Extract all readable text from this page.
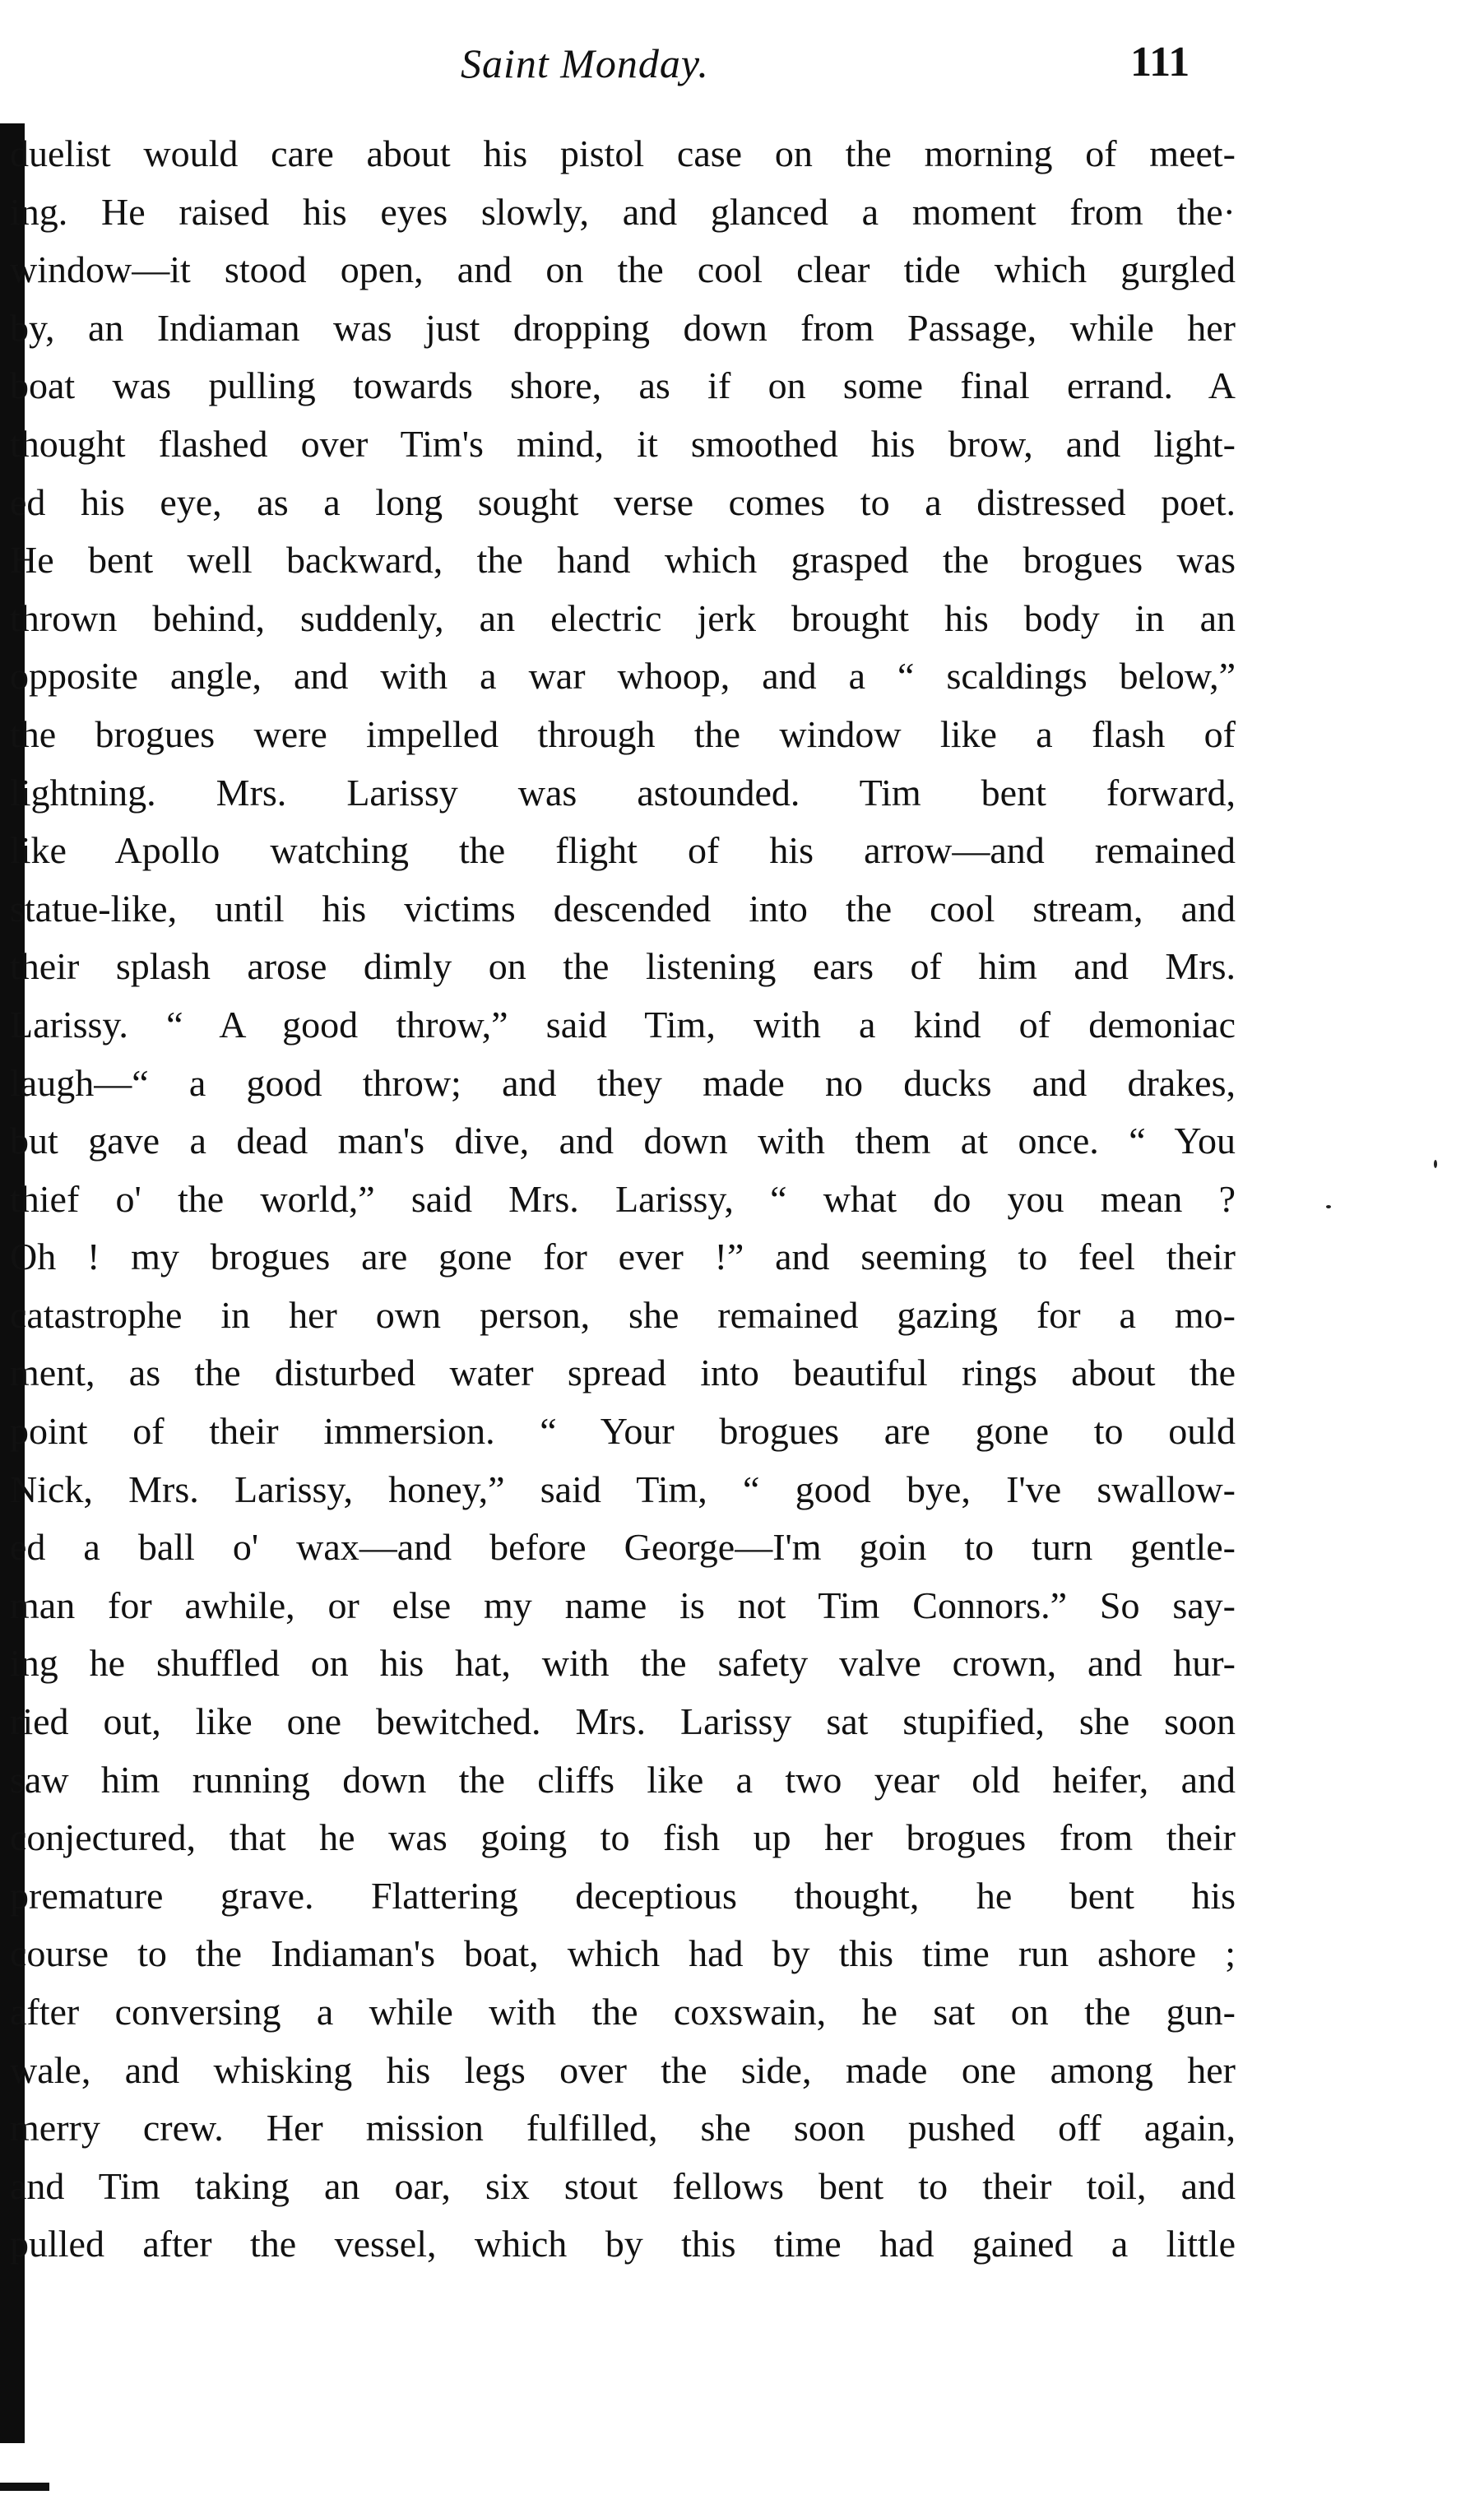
Saint Monday.	111
duelist would care about his pistol case on the morning of meet-
ing. He raised his eyes slowly, and glanced a moment from the·
window—it stood open, and on the cool clear tide which gurgled
by, an Indiaman was just dropping down from Passage, while her
boat was pulling towards shore, as if on some final errand. A
thought flashed over Tim's mind, it smoothed his brow, and light-
ed his eye, as a long sought verse comes to a distressed poet.
He bent well backward, the hand which grasped the brogues was
thrown behind, suddenly, an electric jerk brought his body in an
opposite angle, and with a war whoop, and a “ scaldings below,”
the brogues were impelled through the window like a flash of
lightning. Mrs. Larissy was astounded. Tim bent forward,
like Apollo watching the flight of his arrow—and remained
statue-like, until his victims descended into the cool stream, and
their splash arose dimly on the listening ears of him and Mrs.
Larissy. “ A good throw,” said Tim, with a kind of demoniac
laugh—“ a good throw; and they made no ducks and drakes,
but gave a dead man's dive, and down with them at once. “ You
thief o' the world,” said Mrs. Larissy, “ what do you mean ?
Oh ! my brogues are gone for ever !” and seeming to feel their
catastrophe in her own person, she remained gazing for a mo-
ment, as the disturbed water spread into beautiful rings about the
point of their immersion. “ Your brogues are gone to ould
Nick, Mrs. Larissy, honey,” said Tim, “ good bye, I've swallow-
ed a ball o' wax—and before George—I'm goin to turn gentle-
man for awhile, or else my name is not Tim Connors.” So say-
ing he shuffled on his hat, with the safety valve crown, and hur-
ried out, like one bewitched. Mrs. Larissy sat stupified, she soon
saw him running down the cliffs like a two year old heifer, and
conjectured, that he was going to fish up her brogues from their
premature grave. Flattering deceptious thought, he bent his
course to the Indiaman's boat, which had by this time run ashore ;
after conversing a while with the coxswain, he sat on the gun-
wale, and whisking his legs over the side, made one among her
merry crew. Her mission fulfilled, she soon pushed off again,
and Tim taking an oar, six stout fellows bent to their toil, and
pulled after the vessel, which by this time had gained a little
